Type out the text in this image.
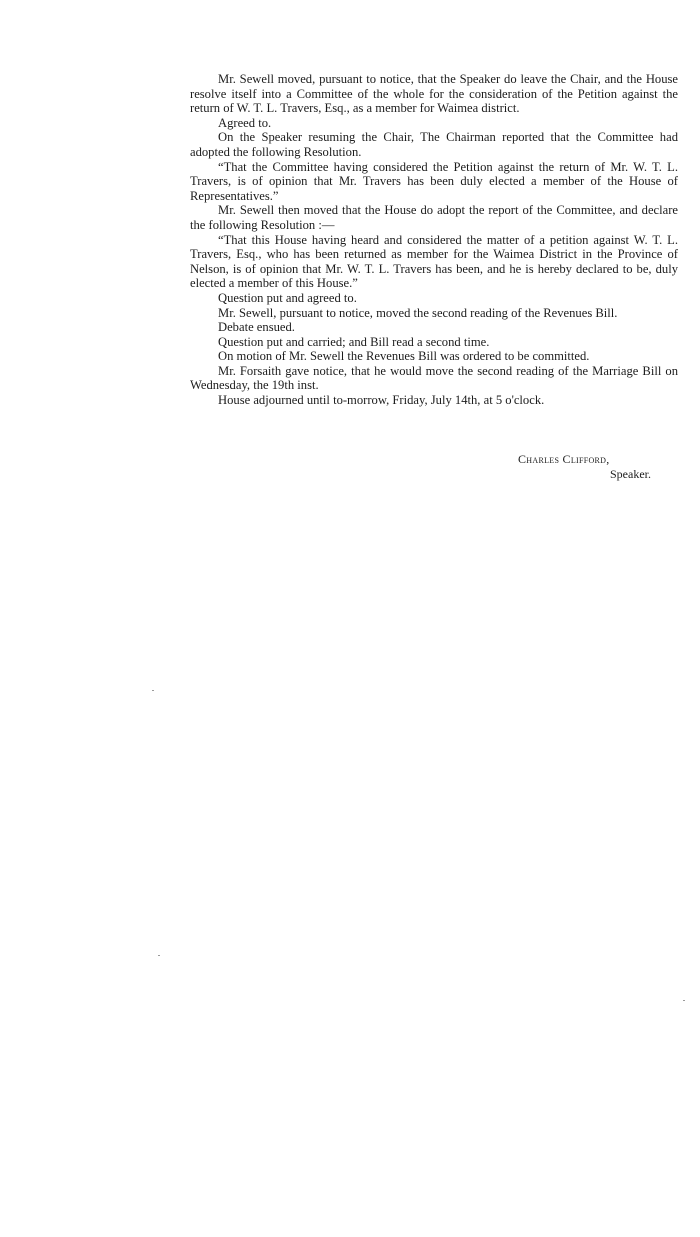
Mr. Sewell moved, pursuant to notice, that the Speaker do leave the Chair, and the House resolve itself into a Committee of the whole for the consideration of the Petition against the return of W. T. L. Travers, Esq., as a member for Waimea district.

Agreed to.

On the Speaker resuming the Chair, The Chairman reported that the Committee had adopted the following Resolution.

“That the Committee having considered the Petition against the return of Mr. W. T. L. Travers, is of opinion that Mr. Travers has been duly elected a member of the House of Representatives.”

Mr. Sewell then moved that the House do adopt the report of the Committee, and declare the following Resolution :—

“That this House having heard and considered the matter of a petition against W. T. L. Travers, Esq., who has been returned as member for the Waimea District in the Province of Nelson, is of opinion that Mr. W. T. L. Travers has been, and he is hereby declared to be, duly elected a member of this House.”

Question put and agreed to.

Mr. Sewell, pursuant to notice, moved the second reading of the Revenues Bill.

Debate ensued.

Question put and carried; and Bill read a second time.

On motion of Mr. Sewell the Revenues Bill was ordered to be committed.

Mr. Forsaith gave notice, that he would move the second reading of the Marriage Bill on Wednesday, the 19th inst.

House adjourned until to-morrow, Friday, July 14th, at 5 o'clock.

Charles Clifford,
Speaker.
